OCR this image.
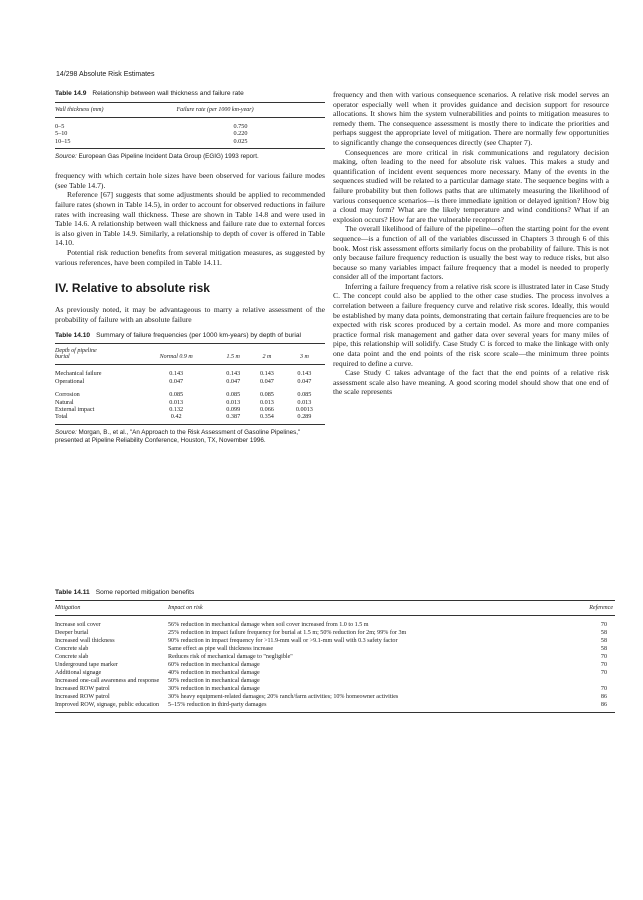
14/298 Absolute Risk Estimates
Table 14.9 Relationship between wall thickness and failure rate
Wall thickness (mm)	Failure rate (per 1000 km-year)

0–5	0.750
5–10	0.220
10–15	0.025
Source: European Gas Pipeline Incident Data Group (EGIG) 1993 report.

frequency with which certain hole sizes have been observed for various failure modes (see Table 14.7).

Reference [67] suggests that some adjustments should be applied to recommended failure rates (shown in Table 14.5), in order to account for observed reductions in failure rates with increasing wall thickness. These are shown in Table 14.8 and were used in Table 14.6. A relationship between wall thickness and failure rate due to external forces is also given in Table 14.9. Similarly, a relationship to depth of cover is offered in Table 14.10.

Potential risk reduction benefits from several mitigation measures, as suggested by various references, have been compiled in Table 14.11.

IV. Relative to absolute risk

As previously noted, it may be advantageous to marry a relative assessment of the probability of failure with an absolute failure

Table 14.10 Summary of failure frequencies (per 1000 km-years) by depth of burial
Depth of pipeline
burial	Normal 0.9 m	1.5 m	2 m	3 m

Mechanical failure	0.143	0.143	0.143	0.143
Operational	0.047	0.047	0.047	0.047

Corrosion	0.085	0.085	0.085	0.085
Natural	0.013	0.013	0.013	0.013
External impact	0.132	0.099	0.066	0.0013
Total	0.42	0.387	0.354	0.289
Source: Morgan, B., et al., "An Approach to the Risk Assessment of Gasoline Pipelines," presented at Pipeline Reliability Conference, Houston, TX, November 1996.

frequency and then with various consequence scenarios. A relative risk model serves an operator especially well when it provides guidance and decision support for resource allocations. It shows him the system vulnerabilities and points to mitigation measures to remedy them. The consequence assessment is mostly there to indicate the priorities and perhaps suggest the appropriate level of mitigation. There are normally few opportunities to significantly change the consequences directly (see Chapter 7).

Consequences are more critical in risk communications and regulatory decision making, often leading to the need for absolute risk values. This makes a study and quantification of incident event sequences more necessary. Many of the events in the sequences studied will be related to a particular damage state. The sequence begins with a failure probability but then follows paths that are ultimately measuring the likelihood of various consequence scenarios—is there immediate ignition or delayed ignition? How big a cloud may form? What are the likely temperature and wind conditions? What if an explosion occurs? How far are the vulnerable receptors?

The overall likelihood of failure of the pipeline—often the starting point for the event sequence—is a function of all of the variables discussed in Chapters 3 through 6 of this book. Most risk assessment efforts similarly focus on the probability of failure. This is not only because failure frequency reduction is usually the best way to reduce risks, but also because so many variables impact failure frequency that a model is needed to properly consider all of the important factors.

Inferring a failure frequency from a relative risk score is illustrated later in Case Study C. The concept could also be applied to the other case studies. The process involves a correlation between a failure frequency curve and relative risk scores. Ideally, this would be established by many data points, demonstrating that certain failure frequencies are to be expected with risk scores produced by a certain model. As more and more companies practice formal risk management and gather data over several years for many miles of pipe, this relationship will solidify. Case Study C is forced to make the linkage with only one data point and the end points of the risk score scale—the minimum three points required to define a curve.

Case Study C takes advantage of the fact that the end points of a relative risk assessment scale also have meaning. A good scoring model should show that one end of the scale represents

Table 14.11 Some reported mitigation benefits
Mitigation	Impact on risk	Reference

Increase soil cover	56% reduction in mechanical damage when soil cover increased from 1.0 to 1.5 m	70
Deeper burial	25% reduction in impact failure frequency for burial at 1.5 m; 50% reduction for 2m; 99% for 3m	58
Increased wall thickness	90% reduction in impact frequency for >11.9-mm wall or >9.1-mm wall with 0.3 safety factor	58
Concrete slab	Same effect as pipe wall thickness increase	58
Concrete slab	Reduces risk of mechanical damage to "negligible"	70
Underground tape marker	60% reduction in mechanical damage	70
Additional signage	40% reduction in mechanical damage	70
Increased one-call awareness and response	50% reduction in mechanical damage	
Increased ROW patrol	30% reduction in mechanical damage	70
Increased ROW patrol	30% heavy equipment-related damages; 20% ranch/farm activities; 10% homeowner activities	86
Improved ROW, signage, public education	5–15% reduction in third-party damages	86
